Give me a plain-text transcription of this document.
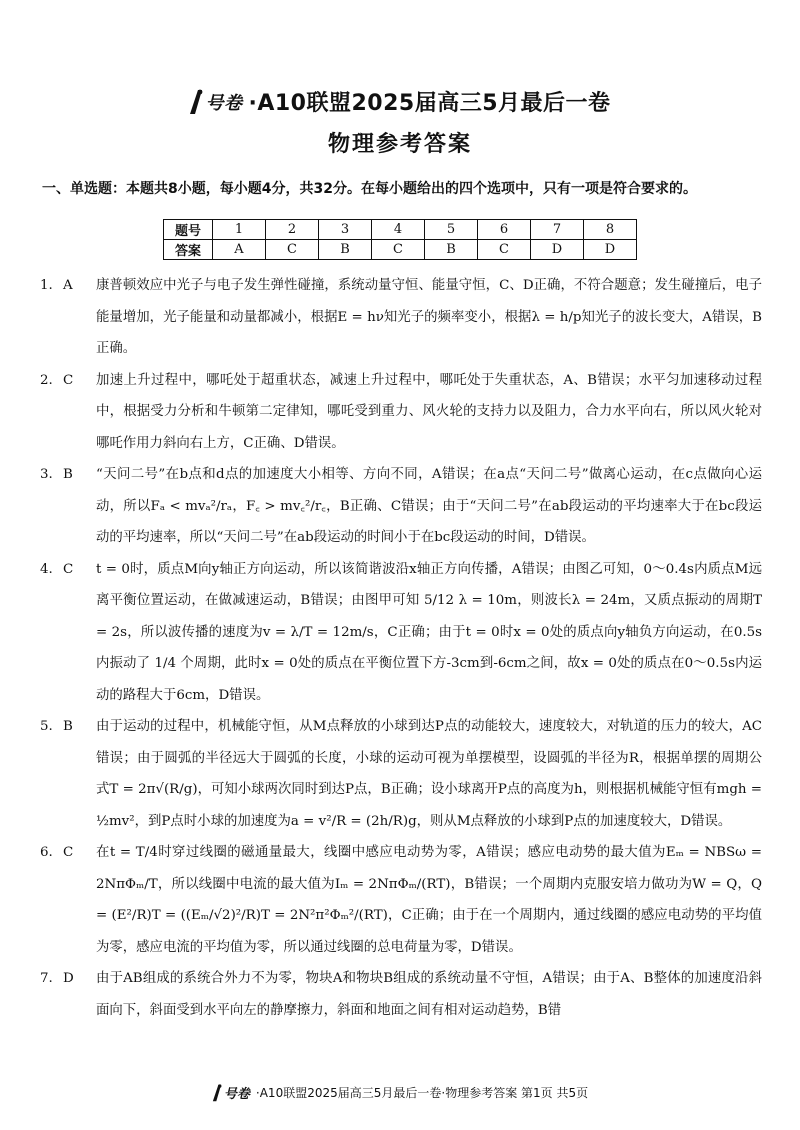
号卷 ·A10联盟2025届高三5月最后一卷
物理参考答案
一、单选题：本题共8小题，每小题4分，共32分。在每小题给出的四个选项中，只有一项是符合要求的。
题号	1	2	3	4	5	6	7	8
答案	A	C	B	C	B	C	D	D
1. A 康普顿效应中光子与电子发生弹性碰撞，系统动量守恒、能量守恒，C、D正确，不符合题意；发生碰撞后，电子能量增加，光子能量和动量都减小，根据E = hν知光子的频率变小，根据λ = h/p知光子的波长变大，A错误，B正确。

2. C 加速上升过程中，哪吒处于超重状态，减速上升过程中，哪吒处于失重状态，A、B错误；水平匀加速移动过程中，根据受力分析和牛顿第二定律知，哪吒受到重力、风火轮的支持力以及阻力，合力水平向右，所以风火轮对哪吒作用力斜向右上方，C正确、D错误。

3. B “天问二号”在b点和d点的加速度大小相等、方向不同，A错误；在a点“天问二号”做离心运动，在c点做向心运动，所以Fₐ < mvₐ²/rₐ，F꜀ > mv꜀²/r꜀，B正确、C错误；由于“天问二号”在ab段运动的平均速率大于在bc段运动的平均速率，所以“天问二号”在ab段运动的时间小于在bc段运动的时间，D错误。

4. C t = 0时，质点M向y轴正方向运动，所以该简谐波沿x轴正方向传播，A错误；由图乙可知，0～0.4s内质点M远离平衡位置运动，在做减速运动，B错误；由图甲可知 5/12 λ = 10m，则波长λ = 24m，又质点振动的周期T = 2s，所以波传播的速度为v = λ/T = 12m/s，C正确；由于t = 0时x = 0处的质点向y轴负方向运动，在0.5s内振动了 1/4 个周期，此时x = 0处的质点在平衡位置下方-3cm到-6cm之间，故x = 0处的质点在0～0.5s内运动的路程大于6cm，D错误。

5. B 由于运动的过程中，机械能守恒，从M点释放的小球到达P点的动能较大，速度较大，对轨道的压力的较大，AC错误；由于圆弧的半径远大于圆弧的长度，小球的运动可视为单摆模型，设圆弧的半径为R，根据单摆的周期公式T = 2π√(R/g)，可知小球两次同时到达P点，B正确；设小球离开P点的高度为h，则根据机械能守恒有mgh = ½mv²，到P点时小球的加速度为a = v²/R = (2h/R)g，则从M点释放的小球到P点的加速度较大，D错误。

6. C 在t = T/4时穿过线圈的磁通量最大，线圈中感应电动势为零，A错误；感应电动势的最大值为Eₘ = NBSω = 2NπΦₘ/T，所以线圈中电流的最大值为Iₘ = 2NπΦₘ/(RT)，B错误；一个周期内克服安培力做功为W = Q，Q = (E²/R)T = ((Eₘ/√2)²/R)T = 2N²π²Φₘ²/(RT)，C正确；由于在一个周期内，通过线圈的感应电动势的平均值为零，感应电流的平均值为零，所以通过线圈的总电荷量为零，D错误。

7. D 由于AB组成的系统合外力不为零，物块A和物块B组成的系统动量不守恒，A错误；由于A、B整体的加速度沿斜面向下，斜面受到水平向左的静摩擦力，斜面和地面之间有相对运动趋势，B错

号卷 ·A10联盟2025届高三5月最后一卷·物理参考答案 第1页 共5页
